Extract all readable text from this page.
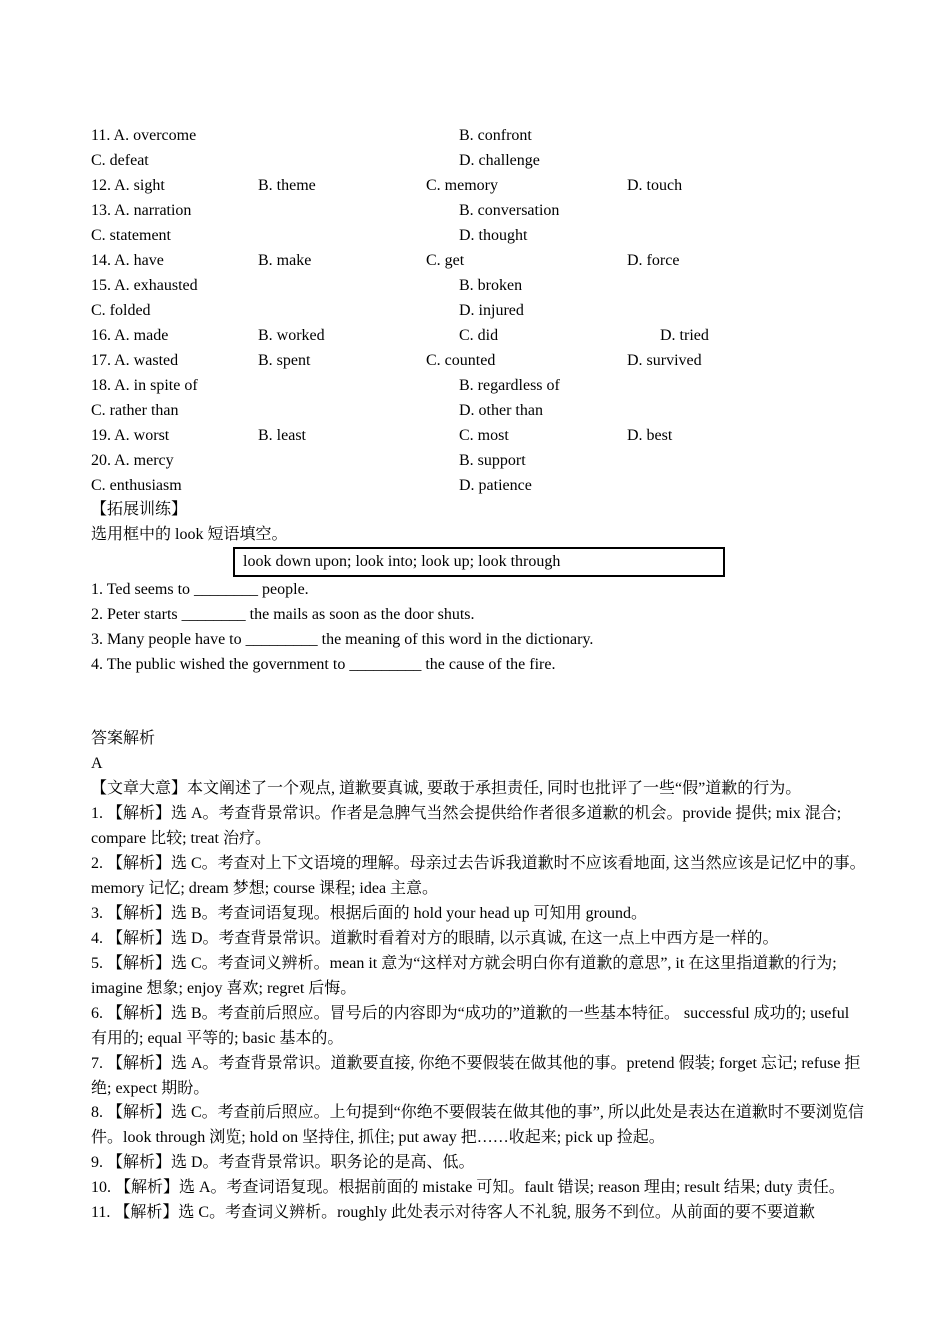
11. A. overcome	B. confront
C. defeat	D. challenge
12. A. sight	B. theme	C. memory	D. touch
13. A. narration	B. conversation
C. statement	D. thought
14. A. have	B. make	C. get	D. force
15. A. exhausted	B. broken
C. folded	D. injured
16. A. made	B. worked	C. did	D. tried
17. A. wasted	B. spent	C. counted	D. survived
18. A. in spite of	B. regardless of
C. rather than	D. other than
19. A. worst	B. least	C. most	D. best
20. A. mercy	B. support
C. enthusiasm	D. patience
【拓展训练】
选用框中的 look 短语填空。
look down upon; look into; look up; look through
1. Ted seems to ________ people.
2. Peter starts ________ the mails as soon as the door shuts.
3. Many people have to _________ the meaning of this word in the dictionary.
4. The public wished the government to _________ the cause of the fire.
答案解析
A
【文章大意】本文阐述了一个观点, 道歉要真诚, 要敢于承担责任, 同时也批评了一些“假”道歉的行为。
1. 【解析】选 A。考查背景常识。作者是急脾气当然会提供给作者很多道歉的机会。provide 提供; mix 混合; compare 比较; treat 治疗。
2. 【解析】选 C。考查对上下文语境的理解。母亲过去告诉我道歉时不应该看地面, 这当然应该是记忆中的事。memory 记忆; dream 梦想; course 课程; idea 主意。
3. 【解析】选 B。考查词语复现。根据后面的 hold your head up 可知用 ground。
4. 【解析】选 D。考查背景常识。道歉时看着对方的眼睛, 以示真诚, 在这一点上中西方是一样的。
5. 【解析】选 C。考查词义辨析。mean it 意为“这样对方就会明白你有道歉的意思”, it 在这里指道歉的行为; imagine 想象; enjoy 喜欢; regret 后悔。
6. 【解析】选 B。考查前后照应。冒号后的内容即为“成功的”道歉的一些基本特征。 successful 成功的; useful 有用的; equal 平等的; basic 基本的。
7. 【解析】选 A。考查背景常识。道歉要直接, 你绝不要假装在做其他的事。pretend 假装; forget 忘记; refuse 拒绝; expect 期盼。
8. 【解析】选 C。考查前后照应。上句提到“你绝不要假装在做其他的事”, 所以此处是表达在道歉时不要浏览信件。look through 浏览; hold on 坚持住, 抓住; put away 把……收起来; pick up 捡起。
9. 【解析】选 D。考查背景常识。职务论的是高、低。
10. 【解析】选 A。考查词语复现。根据前面的 mistake 可知。fault 错误; reason 理由; result 结果; duty 责任。
11. 【解析】选 C。考查词义辨析。roughly 此处表示对待客人不礼貌, 服务不到位。从前面的要不要道歉
